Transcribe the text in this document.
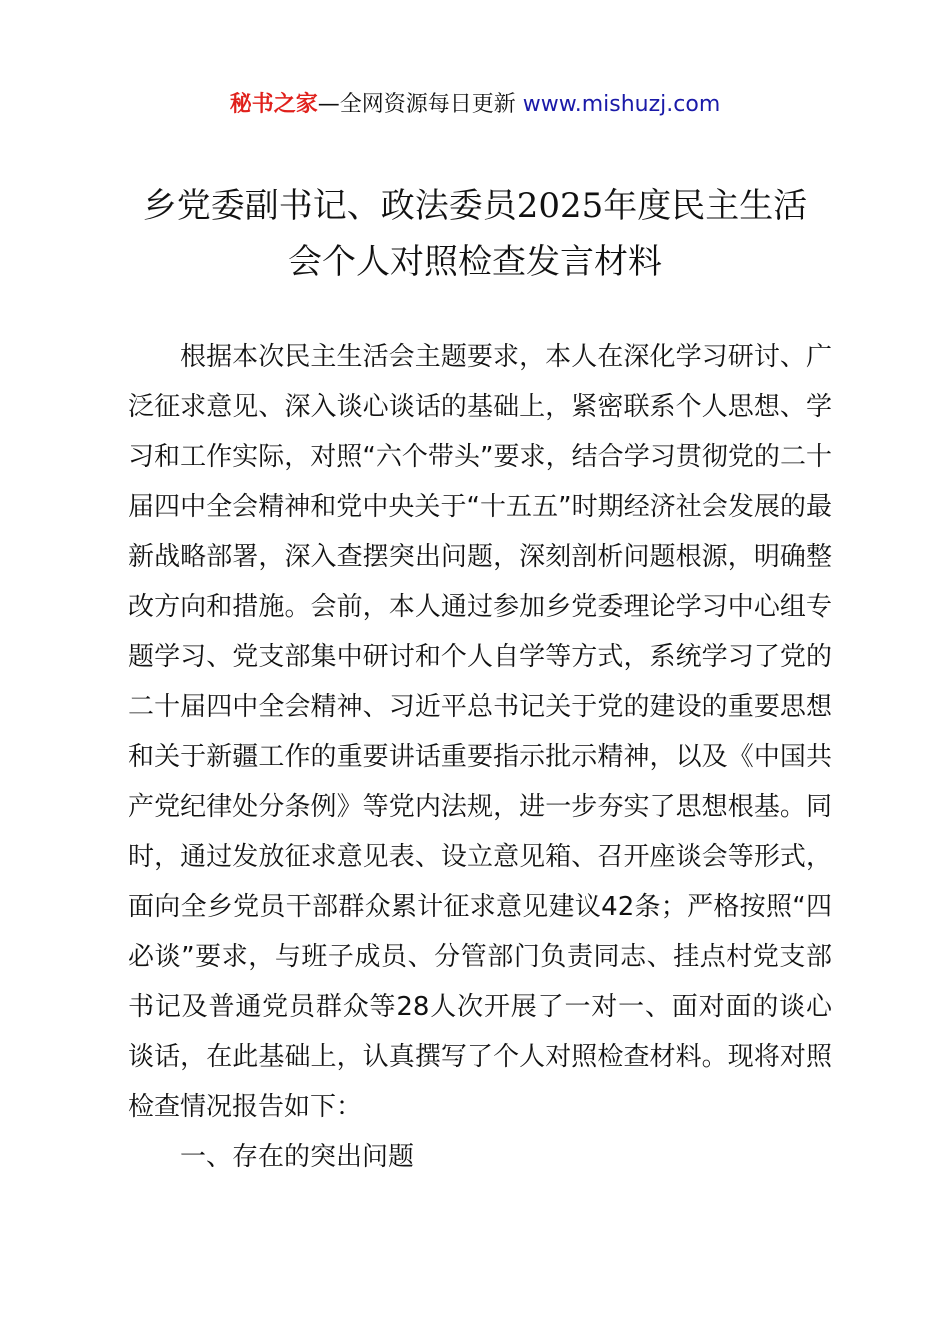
秘书之家—全网资源每日更新 www.mishuzj.com
乡党委副书记、政法委员2025年度民主生活
会个人对照检查发言材料

根据本次民主生活会主题要求，本人在深化学习研讨、广泛征求意见、深入谈心谈话的基础上，紧密联系个人思想、学习和工作实际，对照“六个带头”要求，结合学习贯彻党的二十届四中全会精神和党中央关于“十五五”时期经济社会发展的最新战略部署，深入查摆突出问题，深刻剖析问题根源，明确整改方向和措施。会前，本人通过参加乡党委理论学习中心组专题学习、党支部集中研讨和个人自学等方式，系统学习了党的二十届四中全会精神、习近平总书记关于党的建设的重要思想和关于新疆工作的重要讲话重要指示批示精神，以及《中国共产党纪律处分条例》等党内法规，进一步夯实了思想根基。同时，通过发放征求意见表、设立意见箱、召开座谈会等形式，面向全乡党员干部群众累计征求意见建议42条；严格按照“四必谈”要求，与班子成员、分管部门负责同志、挂点村党支部书记及普通党员群众等28人次开展了一对一、面对面的谈心谈话，在此基础上，认真撰写了个人对照检查材料。现将对照检查情况报告如下：

一、存在的突出问题
